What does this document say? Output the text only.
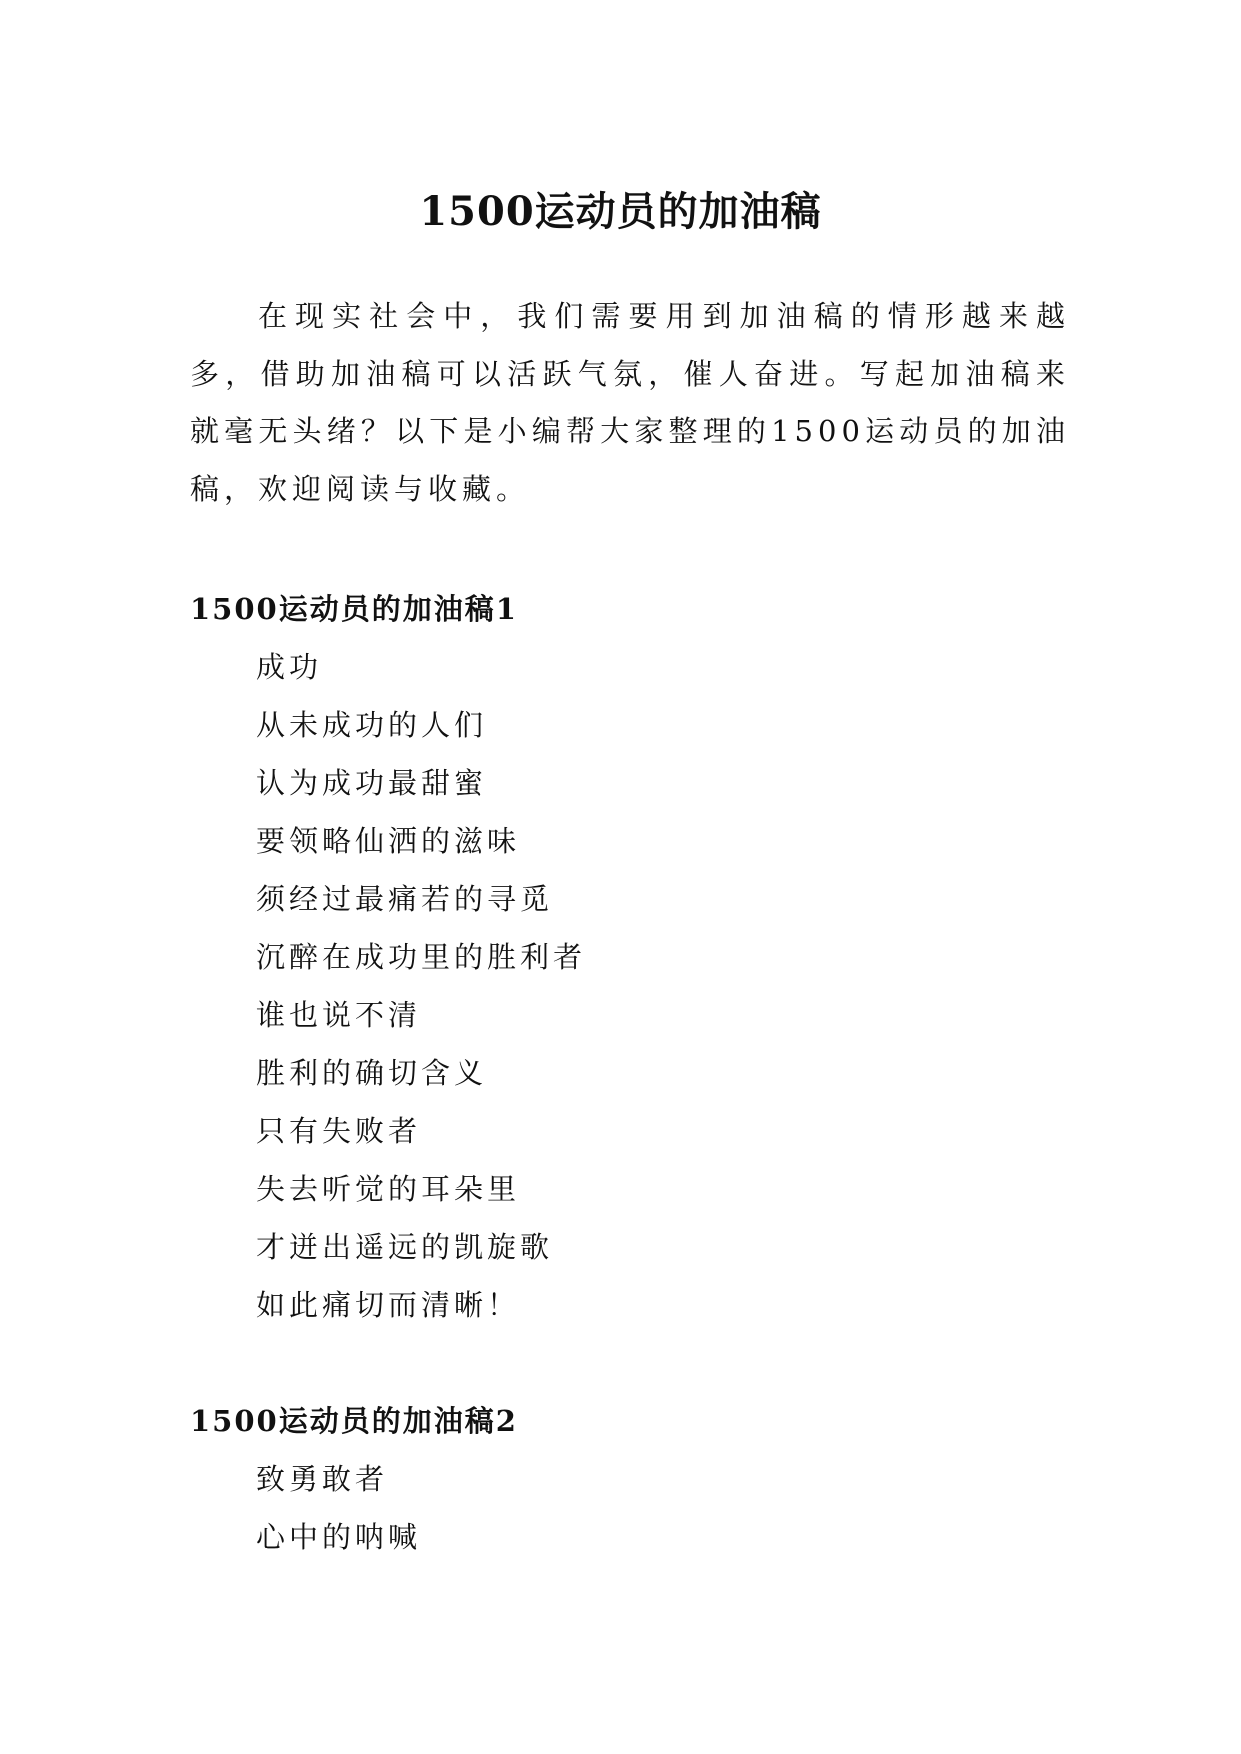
1500运动员的加油稿

在现实社会中，我们需要用到加油稿的情形越来越多，借助加油稿可以活跃气氛，催人奋进。写起加油稿来就毫无头绪？以下是小编帮大家整理的1500运动员的加油稿，欢迎阅读与收藏。

1500运动员的加油稿1
成功
从未成功的人们
认为成功最甜蜜
要领略仙洒的滋味
须经过最痛若的寻觅
沉醉在成功里的胜利者
谁也说不清
胜利的确切含义
只有失败者
失去听觉的耳朵里
才迸出遥远的凯旋歌
如此痛切而清晰！
1500运动员的加油稿2
致勇敢者
心中的呐喊
